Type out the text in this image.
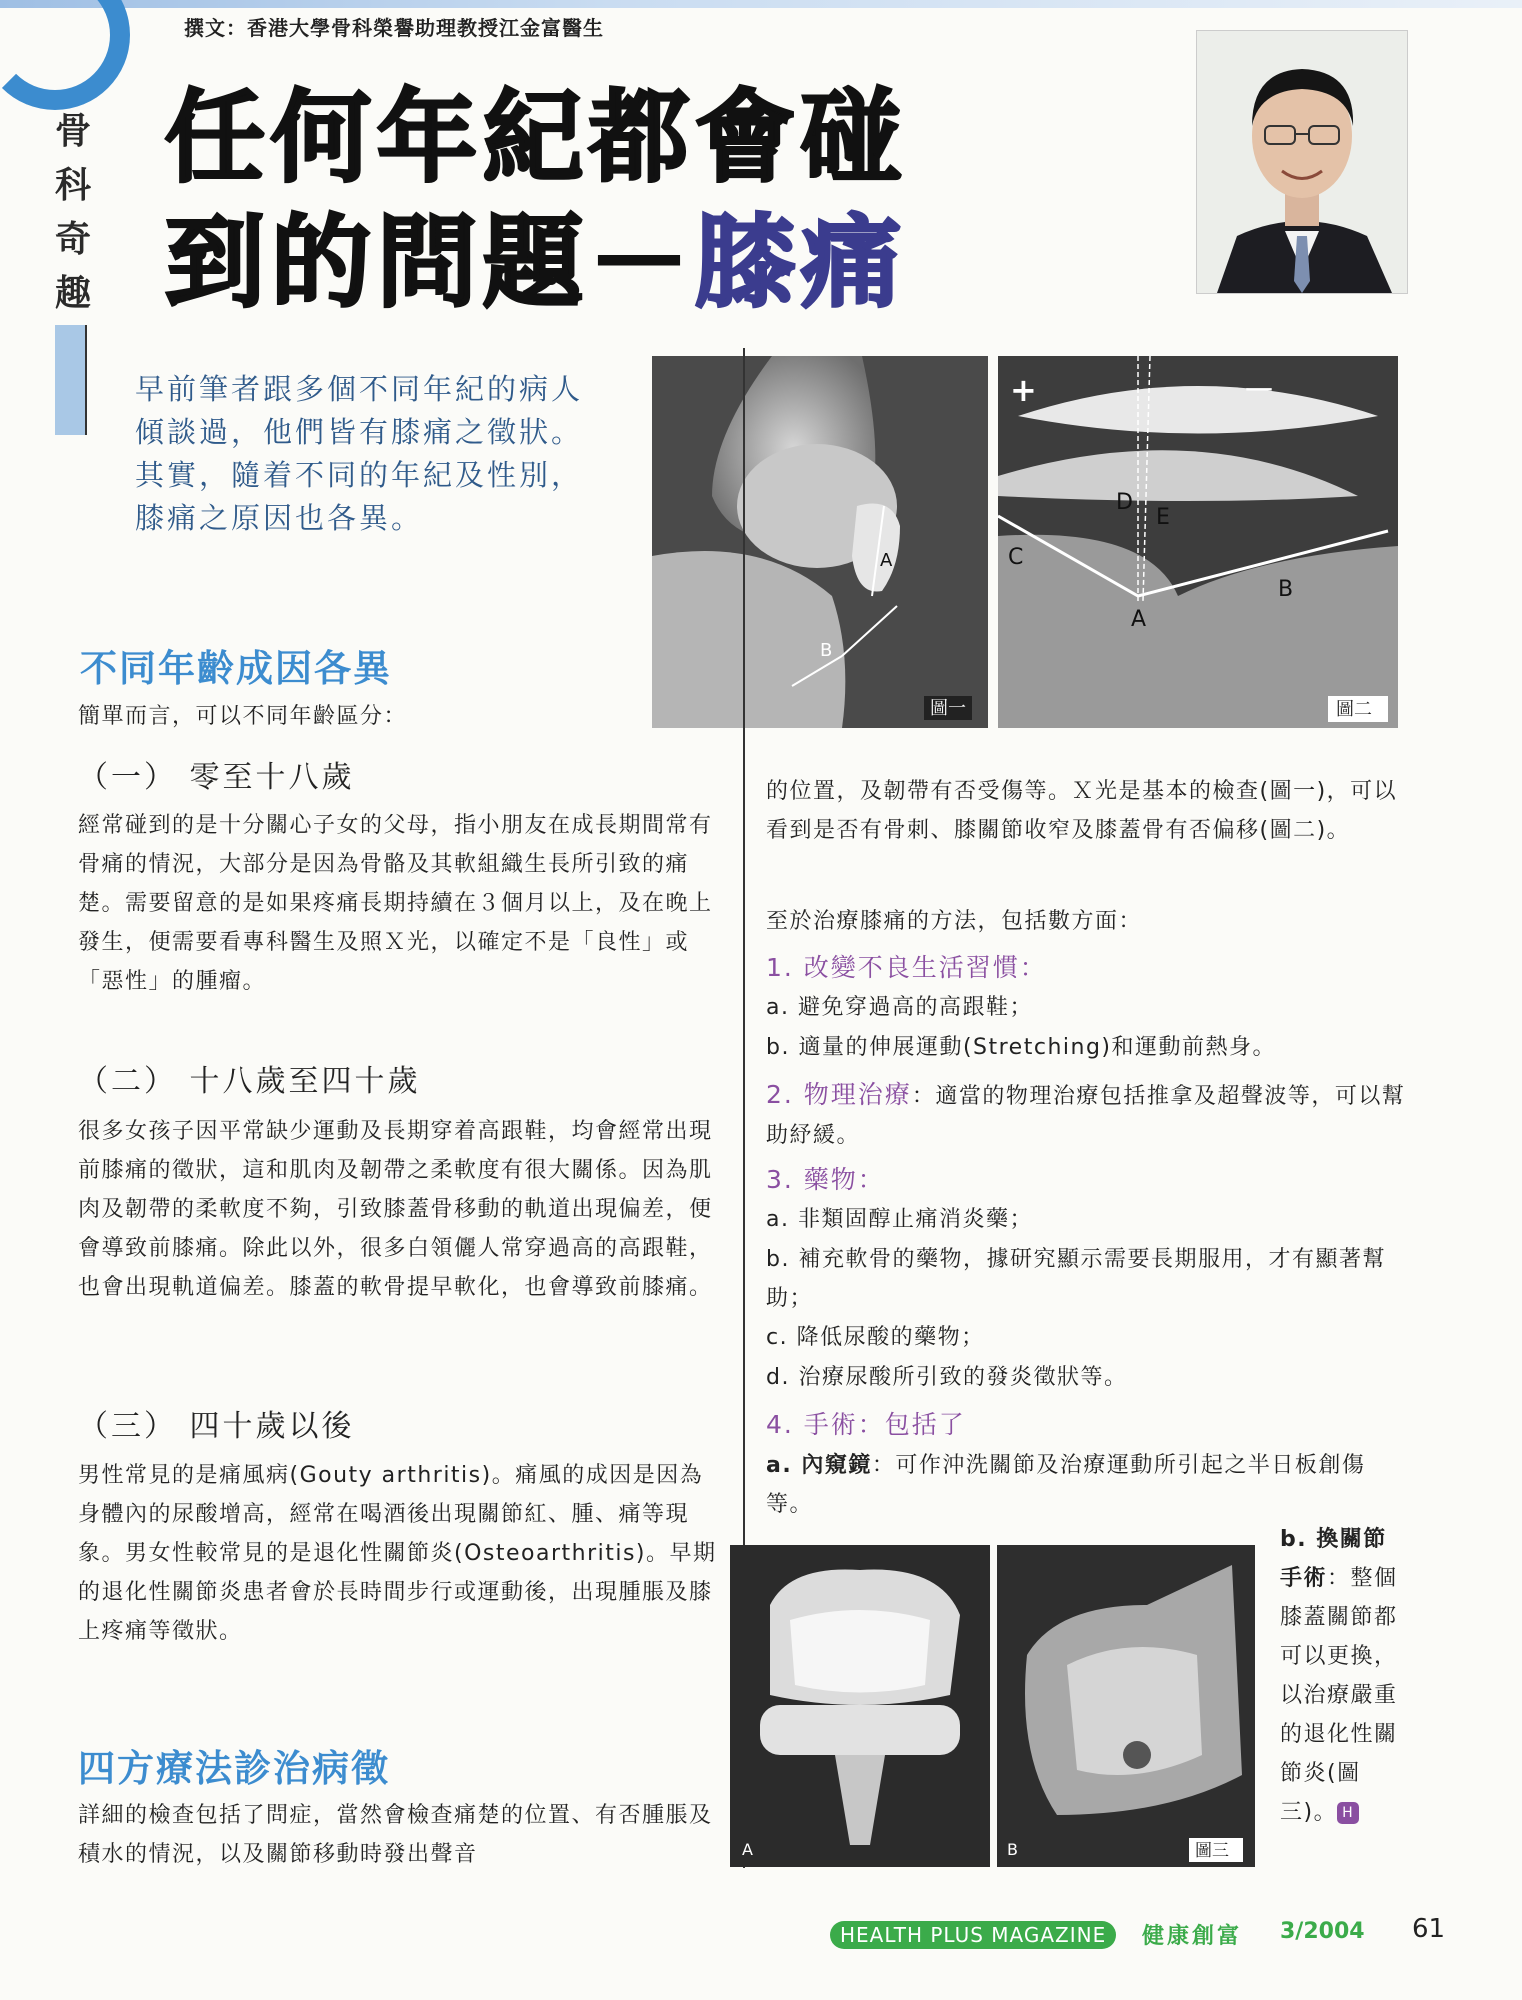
撰文：香港大學骨科榮譽助理教授江金富醫生
骨科奇趣
任何年紀都會碰
到的問題－膝痛
早前筆者跟多個不同年紀的病人傾談過，他們皆有膝痛之徵狀。其實，隨着不同的年紀及性別，膝痛之原因也各異。
A
B
圖一
+	－
D
E
C
A
B
圖二
不同年齡成因各異
簡單而言，可以不同年齡區分：
（一） 零至十八歲
經常碰到的是十分關心子女的父母，指小朋友在成長期間常有骨痛的情況，大部分是因為骨骼及其軟組織生長所引致的痛楚。需要留意的是如果疼痛長期持續在３個月以上，及在晚上發生，便需要看專科醫生及照Ｘ光，以確定不是「良性」或「惡性」的腫瘤。
（二） 十八歲至四十歲
很多女孩子因平常缺少運動及長期穿着高跟鞋，均會經常出現前膝痛的徵狀，這和肌肉及韌帶之柔軟度有很大關係。因為肌肉及韌帶的柔軟度不夠，引致膝蓋骨移動的軌道出現偏差，便會導致前膝痛。除此以外，很多白領儷人常穿過高的高跟鞋，也會出現軌道偏差。膝蓋的軟骨提早軟化，也會導致前膝痛。
（三） 四十歲以後
男性常見的是痛風病(Gouty arthritis)。痛風的成因是因為身體內的尿酸增高，經常在喝酒後出現關節紅、腫、痛等現象。男女性較常見的是退化性關節炎(Osteoarthritis)。早期的退化性關節炎患者會於長時間步行或運動後，出現腫脹及膝上疼痛等徵狀。
四方療法診治病徵
詳細的檢查包括了問症，當然會檢查痛楚的位置、有否腫脹及積水的情況，以及關節移動時發出聲音
的位置，及韌帶有否受傷等。Ｘ光是基本的檢查(圖一)，可以看到是否有骨刺、膝關節收窄及膝蓋骨有否偏移(圖二)。
至於治療膝痛的方法，包括數方面：
1. 改變不良生活習慣：
a. 避免穿過高的高跟鞋；
b. 適量的伸展運動(Stretching)和運動前熱身。
2. 物理治療：適當的物理治療包括推拿及超聲波等，可以幫助紓緩。
3. 藥物：
a. 非類固醇止痛消炎藥；
b. 補充軟骨的藥物，據研究顯示需要長期服用，才有顯著幫助；
c. 降低尿酸的藥物；
d. 治療尿酸所引致的發炎徵狀等。
4. 手術：包括了
a. 內窺鏡：可作沖洗關節及治療運動所引起之半日板創傷等。
b. 換關節手術：整個膝蓋關節都可以更換，以治療嚴重的退化性關節炎(圖三)。 H
A	B	圖三
HEALTH PLUS MAGAZINE	健康創富 3/2004 61
